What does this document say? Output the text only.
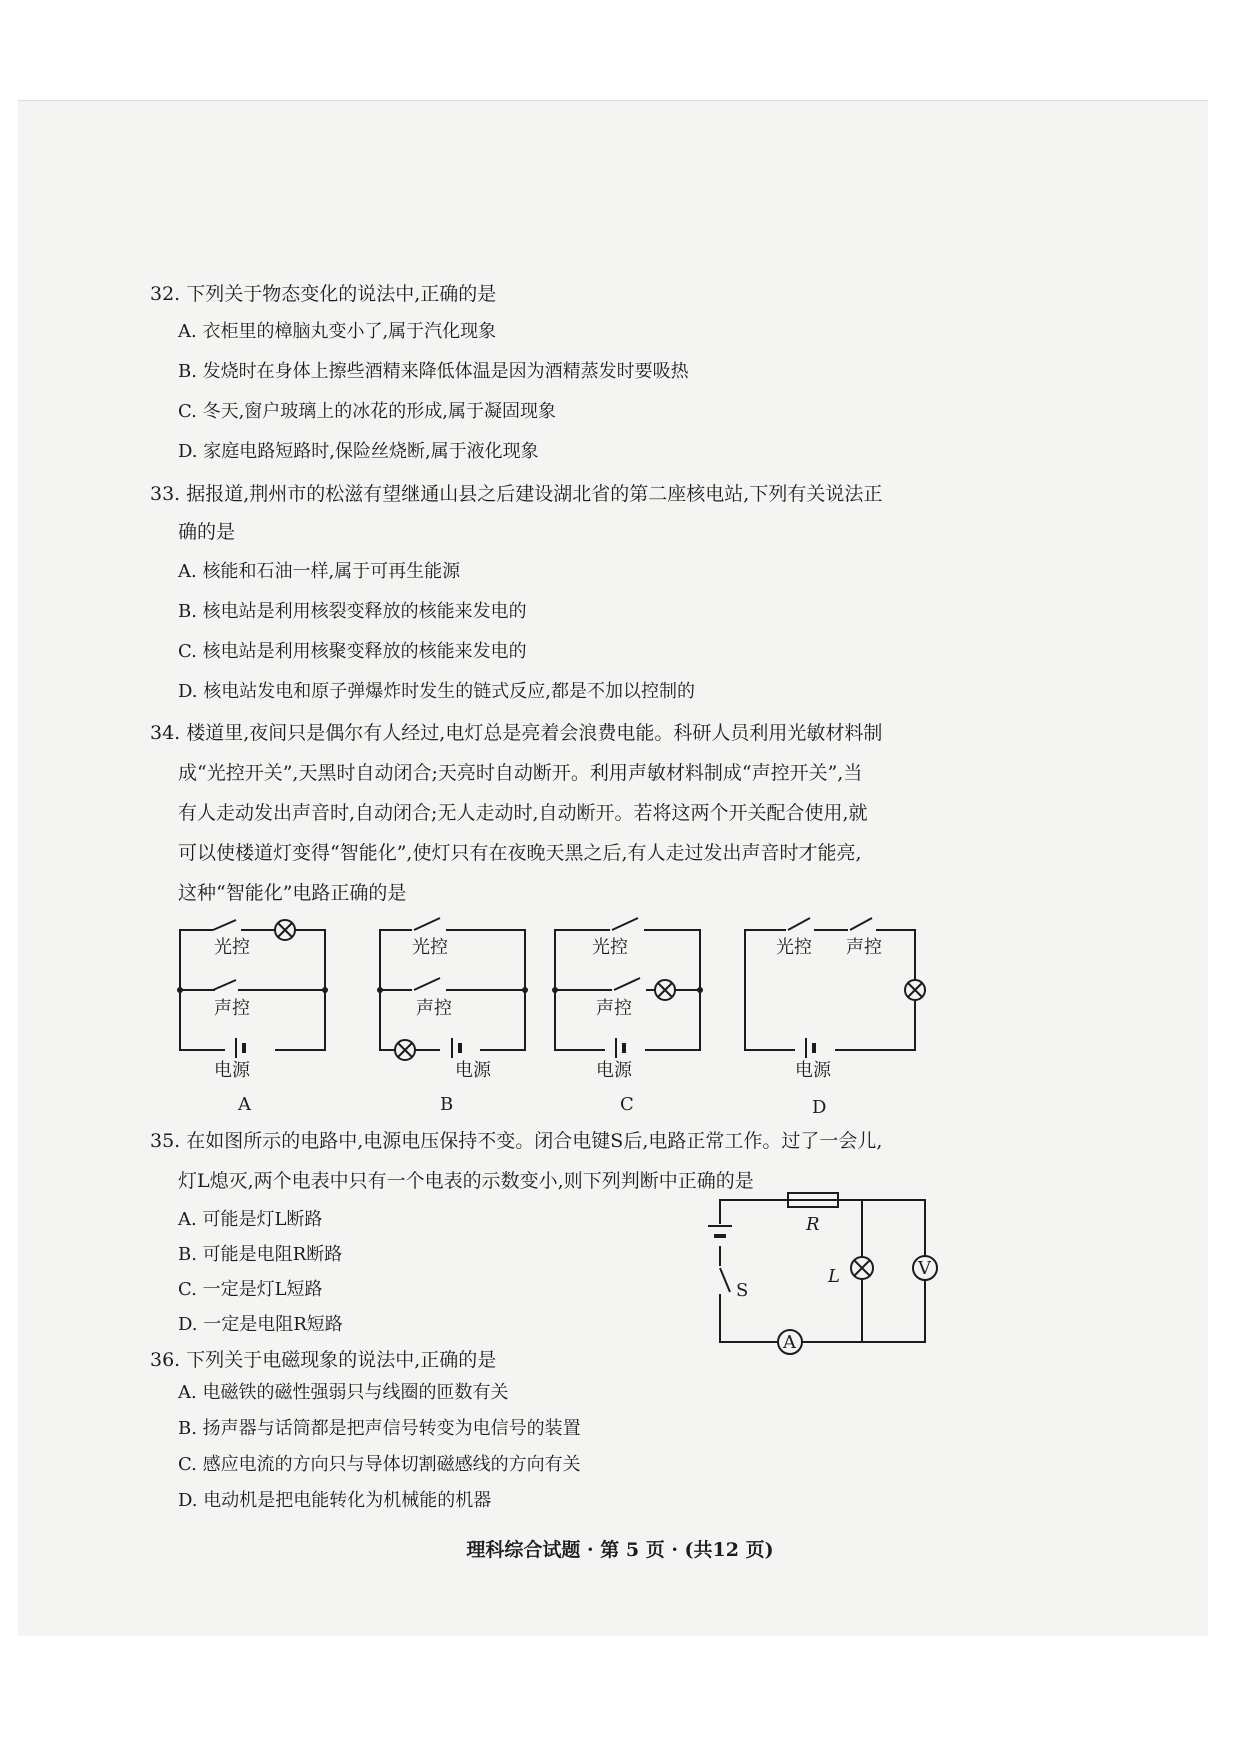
32. 下列关于物态变化的说法中,正确的是
A. 衣柜里的樟脑丸变小了,属于汽化现象
B. 发烧时在身体上擦些酒精来降低体温是因为酒精蒸发时要吸热
C. 冬天,窗户玻璃上的冰花的形成,属于凝固现象
D. 家庭电路短路时,保险丝烧断,属于液化现象
33. 据报道,荆州市的松滋有望继通山县之后建设湖北省的第二座核电站,下列有关说法正
确的是
A. 核能和石油一样,属于可再生能源
B. 核电站是利用核裂变释放的核能来发电的
C. 核电站是利用核聚变释放的核能来发电的
D. 核电站发电和原子弹爆炸时发生的链式反应,都是不加以控制的
34. 楼道里,夜间只是偶尔有人经过,电灯总是亮着会浪费电能。科研人员利用光敏材料制
成“光控开关”,天黑时自动闭合;天亮时自动断开。利用声敏材料制成“声控开关”,当
有人走动发出声音时,自动闭合;无人走动时,自动断开。若将这两个开关配合使用,就
可以使楼道灯变得“智能化”,使灯只有在夜晚天黑之后,有人走过发出声音时才能亮,
这种“智能化”电路正确的是
光控
声控
电源
A
光控
声控
电源
B
光控
声控
电源
C
光控 声控
电源
D
R
L	V
S
A
35. 在如图所示的电路中,电源电压保持不变。闭合电键S后,电路正常工作。过了一会儿,
灯L熄灭,两个电表中只有一个电表的示数变小,则下列判断中正确的是
A. 可能是灯L断路
B. 可能是电阻R断路
C. 一定是灯L短路
D. 一定是电阻R短路
36. 下列关于电磁现象的说法中,正确的是
A. 电磁铁的磁性强弱只与线圈的匝数有关
B. 扬声器与话筒都是把声信号转变为电信号的装置
C. 感应电流的方向只与导体切割磁感线的方向有关
D. 电动机是把电能转化为机械能的机器
理科综合试题 · 第 5 页 · (共12 页)
